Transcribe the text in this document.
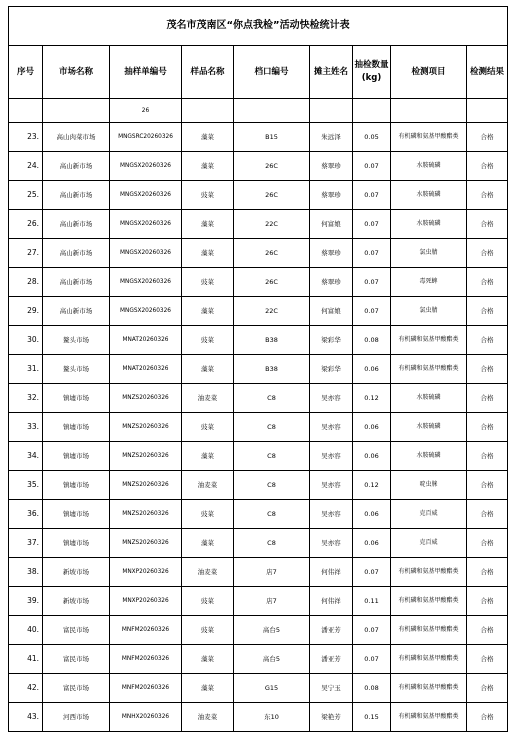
茂名市茂南区“你点我检”活动快检统计表								
序号	市场名称	抽样单编号	样品名称	档口编号	摊主姓名	抽检数量(kg)	检测项目	检测结果
		26						
23.	高山肉菜市场	MNGSRC20260326	藻菜	B15	朱远泽	0.05	有机磷和氨基甲酸酯类	合格
24.	高山新市场	MNGSX20260326	藻菜	26C	蔡翠珍	0.07	水胺硫磷	合格
25.	高山新市场	MNGSX20260326	豉菜	26C	蔡翠珍	0.07	水胺硫磷	合格
26.	高山新市场	MNGSX20260326	藻菜	22C	何富娘	0.07	水胺硫磷	合格
27.	高山新市场	MNGSX20260326	藻菜	26C	蔡翠珍	0.07	氯虫腈	合格
28.	高山新市场	MNGSX20260326	豉菜	26C	蔡翠珍	0.07	毒死蜱	合格
29.	高山新市场	MNGSX20260326	藻菜	22C	何富娘	0.07	氯虫腈	合格
30.	鳌头市场	MNAT20260326	豉菜	B38	梁彩华	0.08	有机磷和氨基甲酸酯类	合格
31.	鳌头市场	MNAT20260326	藻菜	B38	梁彩华	0.06	有机磷和氨基甲酸酯类	合格
32.	镇墟市场	MNZS20260326	油麦菜	C8	吴亦容	0.12	水胺硫磷	合格
33.	镇墟市场	MNZS20260326	豉菜	C8	吴亦容	0.06	水胺硫磷	合格
34.	镇墟市场	MNZS20260326	藻菜	C8	吴亦容	0.06	水胺硫磷	合格
35.	镇墟市场	MNZS20260326	油麦菜	C8	吴亦容	0.12	啶虫脒	合格
36.	镇墟市场	MNZS20260326	豉菜	C8	吴亦容	0.06	克百威	合格
37.	镇墟市场	MNZS20260326	藻菜	C8	吴亦容	0.06	克百威	合格
38.	新坡市场	MNXP20260326	油麦菜	店7	何伟祥	0.07	有机磷和氨基甲酸酯类	合格
39.	新坡市场	MNXP20260326	豉菜	店7	何伟祥	0.11	有机磷和氨基甲酸酯类	合格
40.	富民市场	MNFM20260326	豉菜	高台5	潘亚芳	0.07	有机磷和氨基甲酸酯类	合格
41.	富民市场	MNFM20260326	藻菜	高台5	潘亚芳	0.07	有机磷和氨基甲酸酯类	合格
42.	富民市场	MNFM20260326	藻菜	G15	吴宁玉	0.08	有机磷和氨基甲酸酯类	合格
43.	河西市场	MNHX20260326	油麦菜	东10	梁艳芳	0.15	有机磷和氨基甲酸酯类	合格
